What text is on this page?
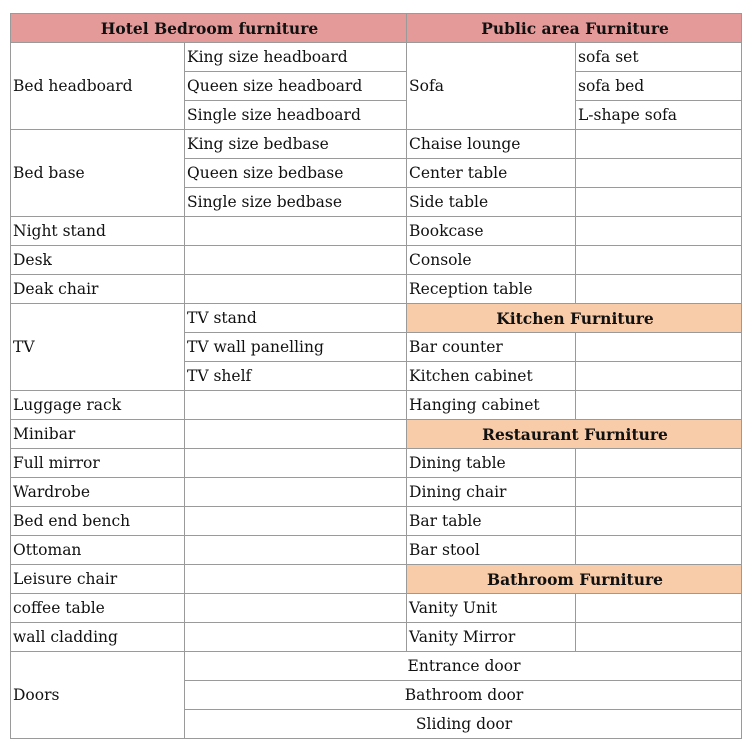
Hotel Bedroom furniture		Public area Furniture	
Bed headboard	King size headboard	Sofa	sofa set
	Queen size headboard		sofa bed
	Single size headboard		L-shape sofa
Bed base	King size bedbase	Chaise lounge	
	Queen size bedbase	Center table	
	Single size bedbase	Side table	
Night stand		Bookcase	
Desk		Console	
Deak chair		Reception table	
TV	TV stand	Kitchen Furniture	
	TV wall panelling	Bar counter	
	TV shelf	Kitchen cabinet	
Luggage rack		Hanging cabinet	
Minibar		Restaurant Furniture	
Full mirror		Dining table	
Wardrobe		Dining chair	
Bed end bench		Bar table	
Ottoman		Bar stool	
Leisure chair		Bathroom Furniture	
coffee table		Vanity Unit	
wall cladding		Vanity Mirror	
Doors	Entrance door		
	Bathroom door		
	Sliding door		
